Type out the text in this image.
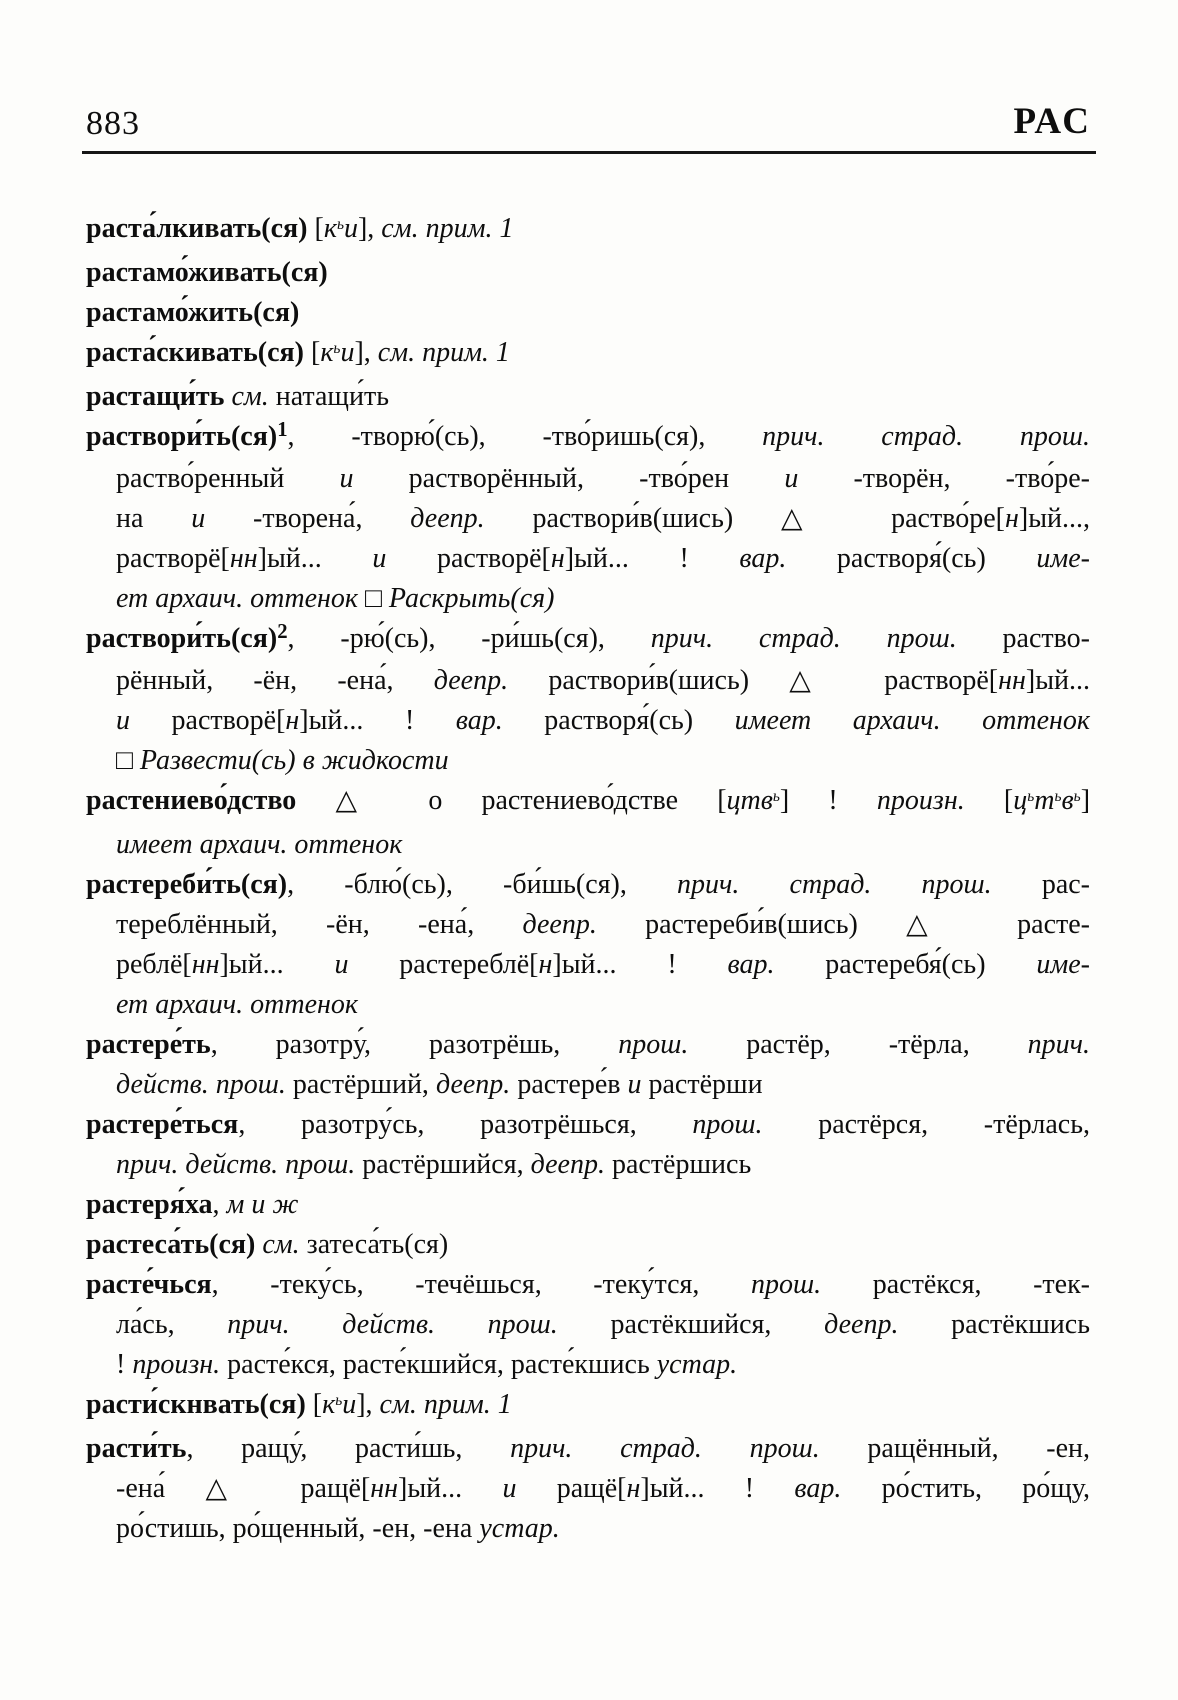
883	РАС
раста́лкивать(ся) $[к^ьи]$, см. прим. 1
растамо́живать(ся)
растамо́жить(ся)
раста́скивать(ся) $[к^ьи]$, см. прим. 1
растащи́ть см. натащи́ть
раствори́ть(ся)$^1$, -творю́(сь), -тво́ришь(ся), прич. страд. прош.
раство́ренный и растворённый, -тво́рен и -творён, -тво́ре-
на и -творена́, деепр. раствори́в(шись) △ раство́ре[н]ый...,
растворё[нн]ый... и растворё[н]ый... ! вар. растворя́(сь) име-
ет архаич. оттенок □ Раскрыть(ся)
раствори́ть(ся)$^2$, -рю́(сь), -ри́шь(ся), прич. страд. прош. раство-
рённый, -ён, -ена́, деепр. раствори́в(шись) △ растворё[нн]ый...
и растворё[н]ый... ! вар. растворя́(сь) имеет архаич. оттенок
□ Развести(сь) в жидкости
растениево́дство △ о растениево́дстве [цтв$^ь$] ! произн. $[ц^ьт^ьв^ь]$
имеет архаич. оттенок
растереби́ть(ся), -блю́(сь), -би́шь(ся), прич. страд. прош. рас-
тереблённый, -ён, -ена́, деепр. растереби́в(шись) △ расте-
реблё[нн]ый... и растереблё[н]ый... ! вар. растеребя́(сь) име-
ет архаич. оттенок
растере́ть, разотру́, разотрёшь, прош. растёр, -тёрла, прич.
действ. прош. растёрший, деепр. растере́в и растёрши
растере́ться, разотру́сь, разотрёшься, прош. растёрся, -тёрлась,
прич. действ. прош. растёршийся, деепр. растёршись
растеря́ха, м и ж
растеса́ть(ся) см. затеса́ть(ся)
расте́чься, -теку́сь, -течёшься, -теку́тся, прош. растёкся, -тек-
ла́сь, прич. действ. прош. растёкшийся, деепр. растёкшись
! произн. расте́кся, расте́кшийся, расте́кшись устар.
расти́скнвать(ся) $[к^ьи]$, см. прим. 1
расти́ть, ращу́, расти́шь, прич. страд. прош. ращённый, -ен,
-ена́ △ ращё[нн]ый... и ращё[н]ый... ! вар. ро́стить, ро́щу,
ро́стишь, ро́щенный, -ен, -ена устар.
